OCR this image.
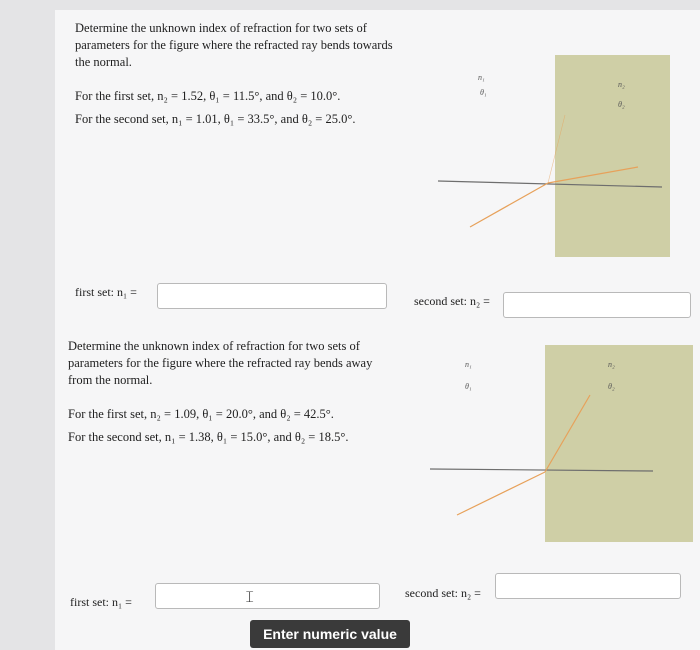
Determine the unknown index of refraction for two sets of parameters for the figure where the refracted ray bends towards the normal.

For the first set, n₂ = 1.52, θ₁ = 11.5°, and θ₂ = 10.0°.

For the second set, n₁ = 1.01, θ₁ = 33.5°, and θ₂ = 25.0°.

n₁
θ₁
n₂
θ₂
first set: n₁ =
second set: n₂ =

Determine the unknown index of refraction for two sets of parameters for the figure where the refracted ray bends away from the normal.

For the first set, n₂ = 1.09, θ₁ = 20.0°, and θ₂ = 42.5°.

For the second set, n₁ = 1.38, θ₁ = 15.0°, and θ₂ = 18.5°.

n₁
θ₁
n₂
θ₂
first set: n₁ =	𝙸	second set: n₂ =
Enter numeric value
